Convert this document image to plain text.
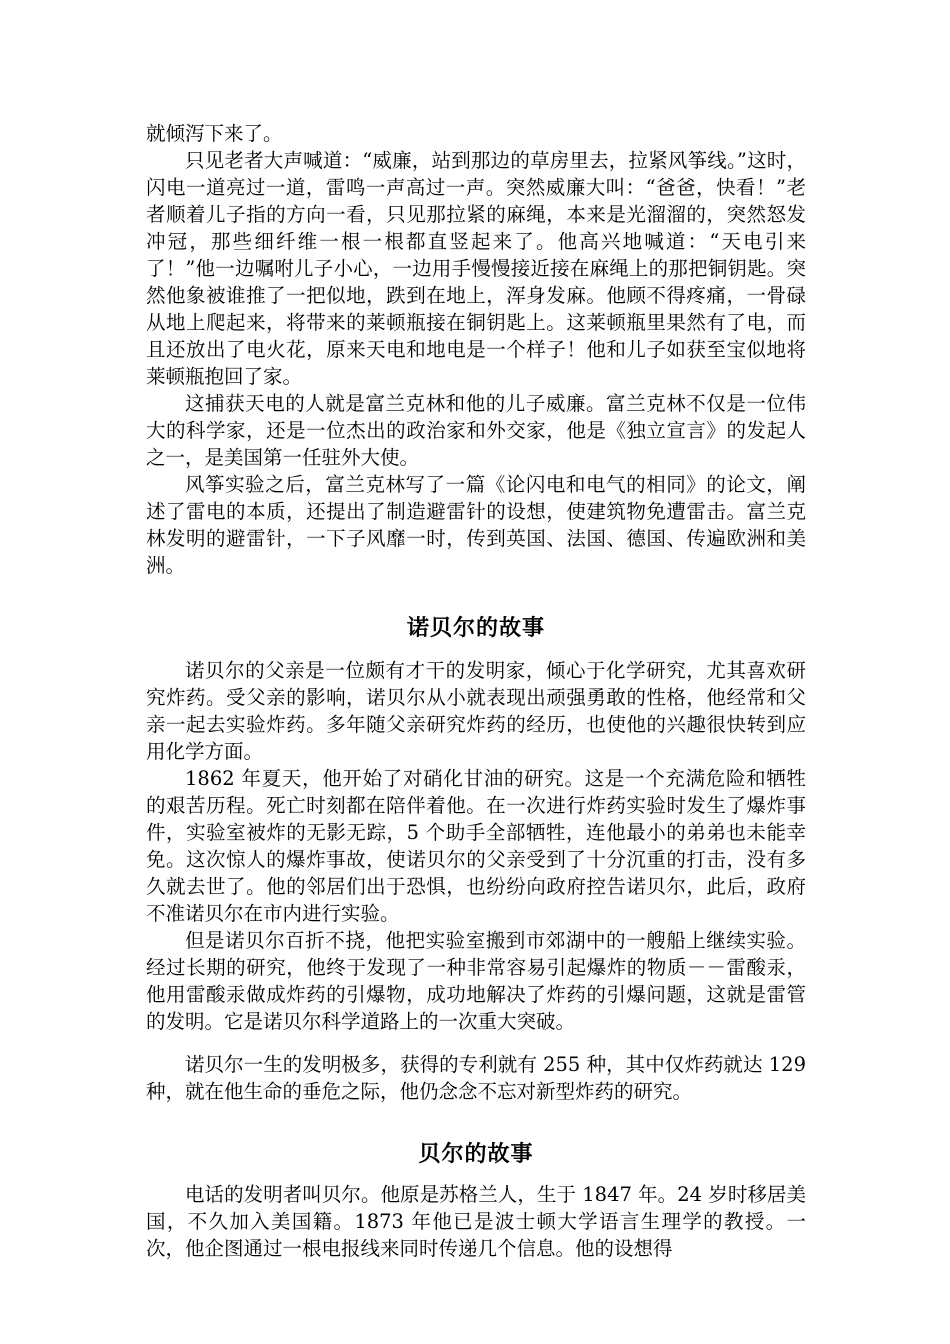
就倾泻下来了。

只见老者大声喊道：“威廉，站到那边的草房里去，拉紧风筝线。”这时，闪电一道亮过一道，雷鸣一声高过一声。突然威廉大叫：“爸爸，快看！”老者顺着儿子指的方向一看，只见那拉紧的麻绳，本来是光溜溜的，突然怒发冲冠，那些细纤维一根一根都直竖起来了。他高兴地喊道：“天电引来了！”他一边嘱咐儿子小心，一边用手慢慢接近接在麻绳上的那把铜钥匙。突然他象被谁推了一把似地，跌到在地上，浑身发麻。他顾不得疼痛，一骨碌从地上爬起来，将带来的莱顿瓶接在铜钥匙上。这莱顿瓶里果然有了电，而且还放出了电火花，原来天电和地电是一个样子！他和儿子如获至宝似地将莱顿瓶抱回了家。

这捕获天电的人就是富兰克林和他的儿子威廉。富兰克林不仅是一位伟大的科学家，还是一位杰出的政治家和外交家，他是《独立宣言》的发起人之一，是美国第一任驻外大使。

风筝实验之后，富兰克林写了一篇《论闪电和电气的相同》的论文，阐述了雷电的本质，还提出了制造避雷针的设想，使建筑物免遭雷击。富兰克林发明的避雷针，一下子风靡一时，传到英国、法国、德国、传遍欧洲和美洲。

诺贝尔的故事

诺贝尔的父亲是一位颇有才干的发明家，倾心于化学研究，尤其喜欢研究炸药。受父亲的影响，诺贝尔从小就表现出顽强勇敢的性格，他经常和父亲一起去实验炸药。多年随父亲研究炸药的经历，也使他的兴趣很快转到应用化学方面。

1862 年夏天，他开始了对硝化甘油的研究。这是一个充满危险和牺牲的艰苦历程。死亡时刻都在陪伴着他。在一次进行炸药实验时发生了爆炸事件，实验室被炸的无影无踪，5 个助手全部牺牲，连他最小的弟弟也未能幸免。这次惊人的爆炸事故，使诺贝尔的父亲受到了十分沉重的打击，没有多久就去世了。他的邻居们出于恐惧，也纷纷向政府控告诺贝尔，此后，政府不准诺贝尔在市内进行实验。

但是诺贝尔百折不挠，他把实验室搬到市郊湖中的一艘船上继续实验。经过长期的研究，他终于发现了一种非常容易引起爆炸的物质－－雷酸汞，他用雷酸汞做成炸药的引爆物，成功地解决了炸药的引爆问题，这就是雷管的发明。它是诺贝尔科学道路上的一次重大突破。

诺贝尔一生的发明极多，获得的专利就有 255 种，其中仅炸药就达 129 种，就在他生命的垂危之际，他仍念念不忘对新型炸药的研究。

贝尔的故事

电话的发明者叫贝尔。他原是苏格兰人，生于 1847 年。24 岁时移居美国，不久加入美国籍。1873 年他已是波士顿大学语言生理学的教授。一次，他企图通过一根电报线来同时传递几个信息。他的设想得
